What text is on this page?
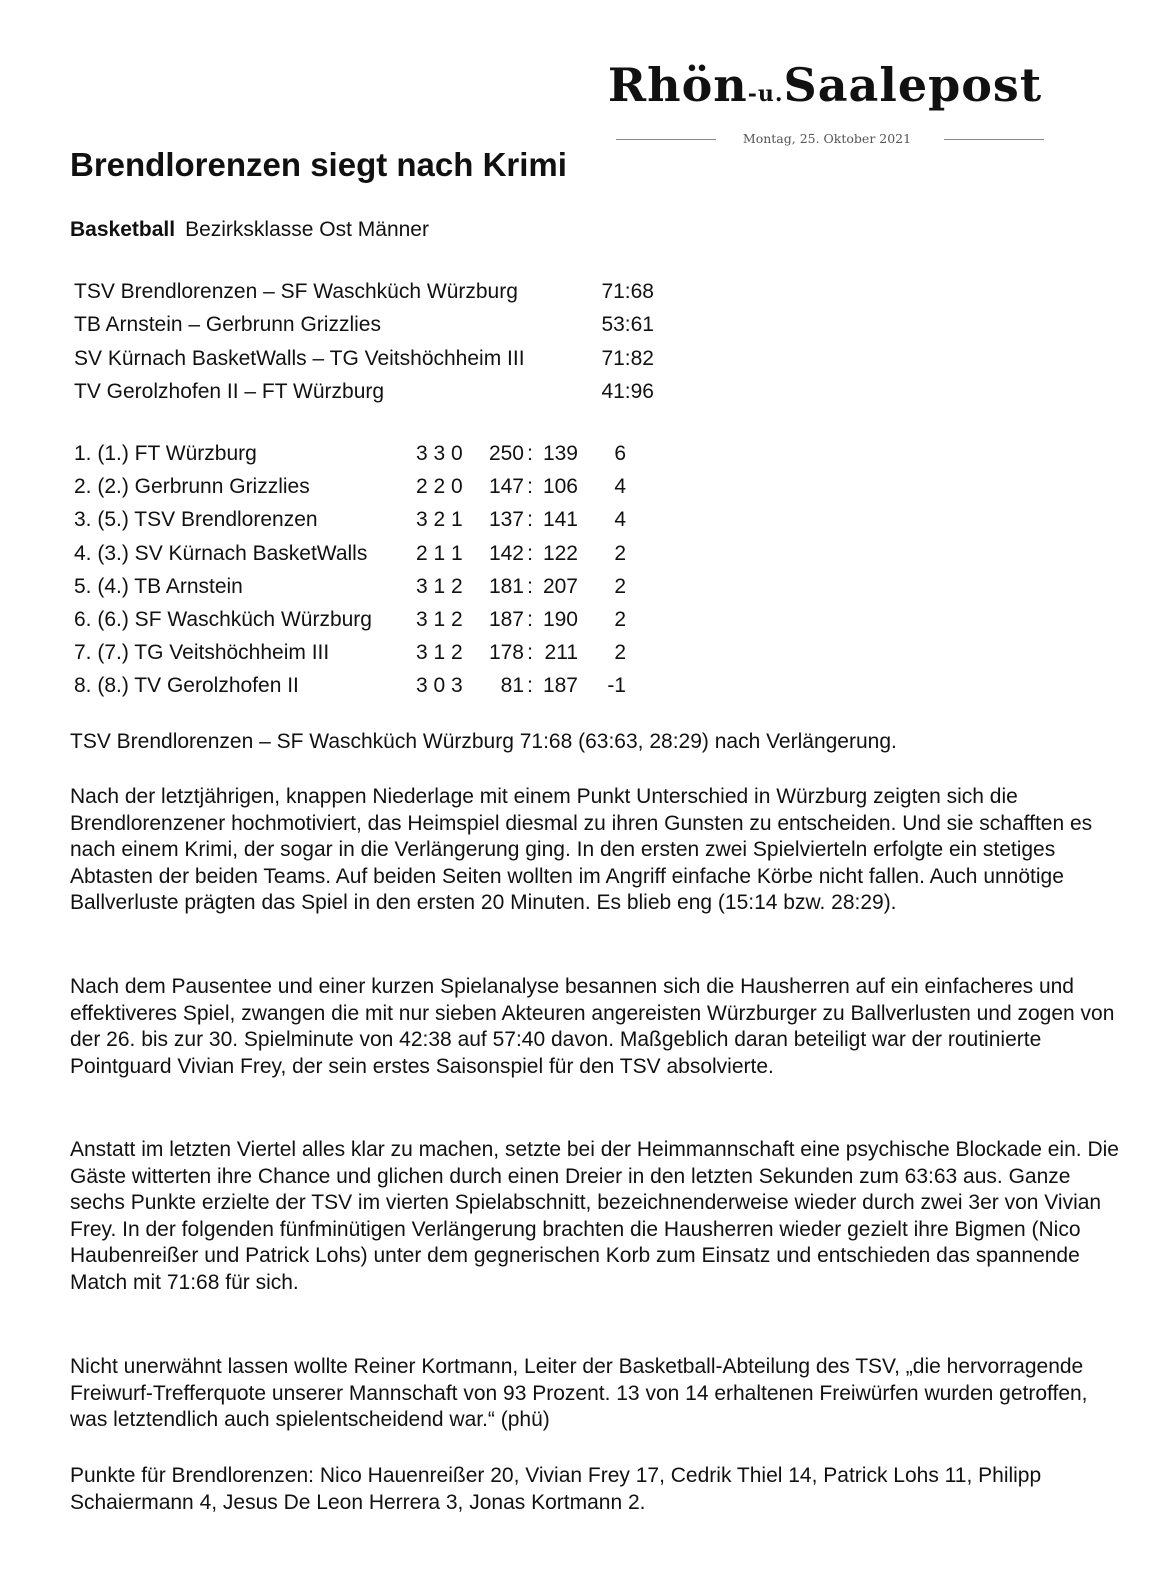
Rhön-u.Saalepost
Montag, 25. Oktober 2021
Brendlorenzen siegt nach Krimi
Basketball Bezirksklasse Ost Männer
TSV Brendlorenzen – SF Waschküch Würzburg	71:68
TB Arnstein – Gerbrunn Grizzlies	53:61
SV Kürnach BasketWalls – TG Veitshöchheim III	71:82
TV Gerolzhofen II – FT Würzburg	41:96
1. (1.) FT Würzburg	3 3 0	250 : 139	6
2. (2.) Gerbrunn Grizzlies	2 2 0	147 : 106	4
3. (5.) TSV Brendlorenzen	3 2 1	137 : 141	4
4. (3.) SV Kürnach BasketWalls	2 1 1	142 : 122	2
5. (4.) TB Arnstein	3 1 2	181 : 207	2
6. (6.) SF Waschküch Würzburg	3 1 2	187 : 190	2
7. (7.) TG Veitshöchheim III	3 1 2	178 : 211	2
8. (8.) TV Gerolzhofen II	3 0 3	81 : 187	-1

TSV Brendlorenzen – SF Waschküch Würzburg 71:68 (63:63, 28:29) nach Verlängerung.

Nach der letztjährigen, knappen Niederlage mit einem Punkt Unterschied in Würzburg zeigten sich die Brendlorenzener hochmotiviert, das Heimspiel diesmal zu ihren Gunsten zu entscheiden. Und sie schafften es nach einem Krimi, der sogar in die Verlängerung ging. In den ersten zwei Spielvierteln erfolgte ein stetiges Abtasten der beiden Teams. Auf beiden Seiten wollten im Angriff einfache Körbe nicht fallen. Auch unnötige Ballverluste prägten das Spiel in den ersten 20 Minuten. Es blieb eng (15:14 bzw. 28:29).

Nach dem Pausentee und einer kurzen Spielanalyse besannen sich die Hausherren auf ein einfacheres und effektiveres Spiel, zwangen die mit nur sieben Akteuren angereisten Würzburger zu Ballverlusten und zogen von der 26. bis zur 30. Spielminute von 42:38 auf 57:40 davon. Maßgeblich daran beteiligt war der routinierte Pointguard Vivian Frey, der sein erstes Saisonspiel für den TSV absolvierte.

Anstatt im letzten Viertel alles klar zu machen, setzte bei der Heimmannschaft eine psychische Blockade ein. Die Gäste witterten ihre Chance und glichen durch einen Dreier in den letzten Sekunden zum 63:63 aus. Ganze sechs Punkte erzielte der TSV im vierten Spielabschnitt, bezeichnenderweise wieder durch zwei 3er von Vivian Frey. In der folgenden fünfminütigen Verlängerung brachten die Hausherren wieder gezielt ihre Bigmen (Nico Haubenreißer und Patrick Lohs) unter dem gegnerischen Korb zum Einsatz und entschieden das spannende Match mit 71:68 für sich.

Nicht unerwähnt lassen wollte Reiner Kortmann, Leiter der Basketball-Abteilung des TSV, „die hervorragende Freiwurf-Trefferquote unserer Mannschaft von 93 Prozent. 13 von 14 erhaltenen Freiwürfen wurden getroffen, was letztendlich auch spielentscheidend war.“ (phü)

Punkte für Brendlorenzen: Nico Hauenreißer 20, Vivian Frey 17, Cedrik Thiel 14, Patrick Lohs 11, Philipp Schaiermann 4, Jesus De Leon Herrera 3, Jonas Kortmann 2.
